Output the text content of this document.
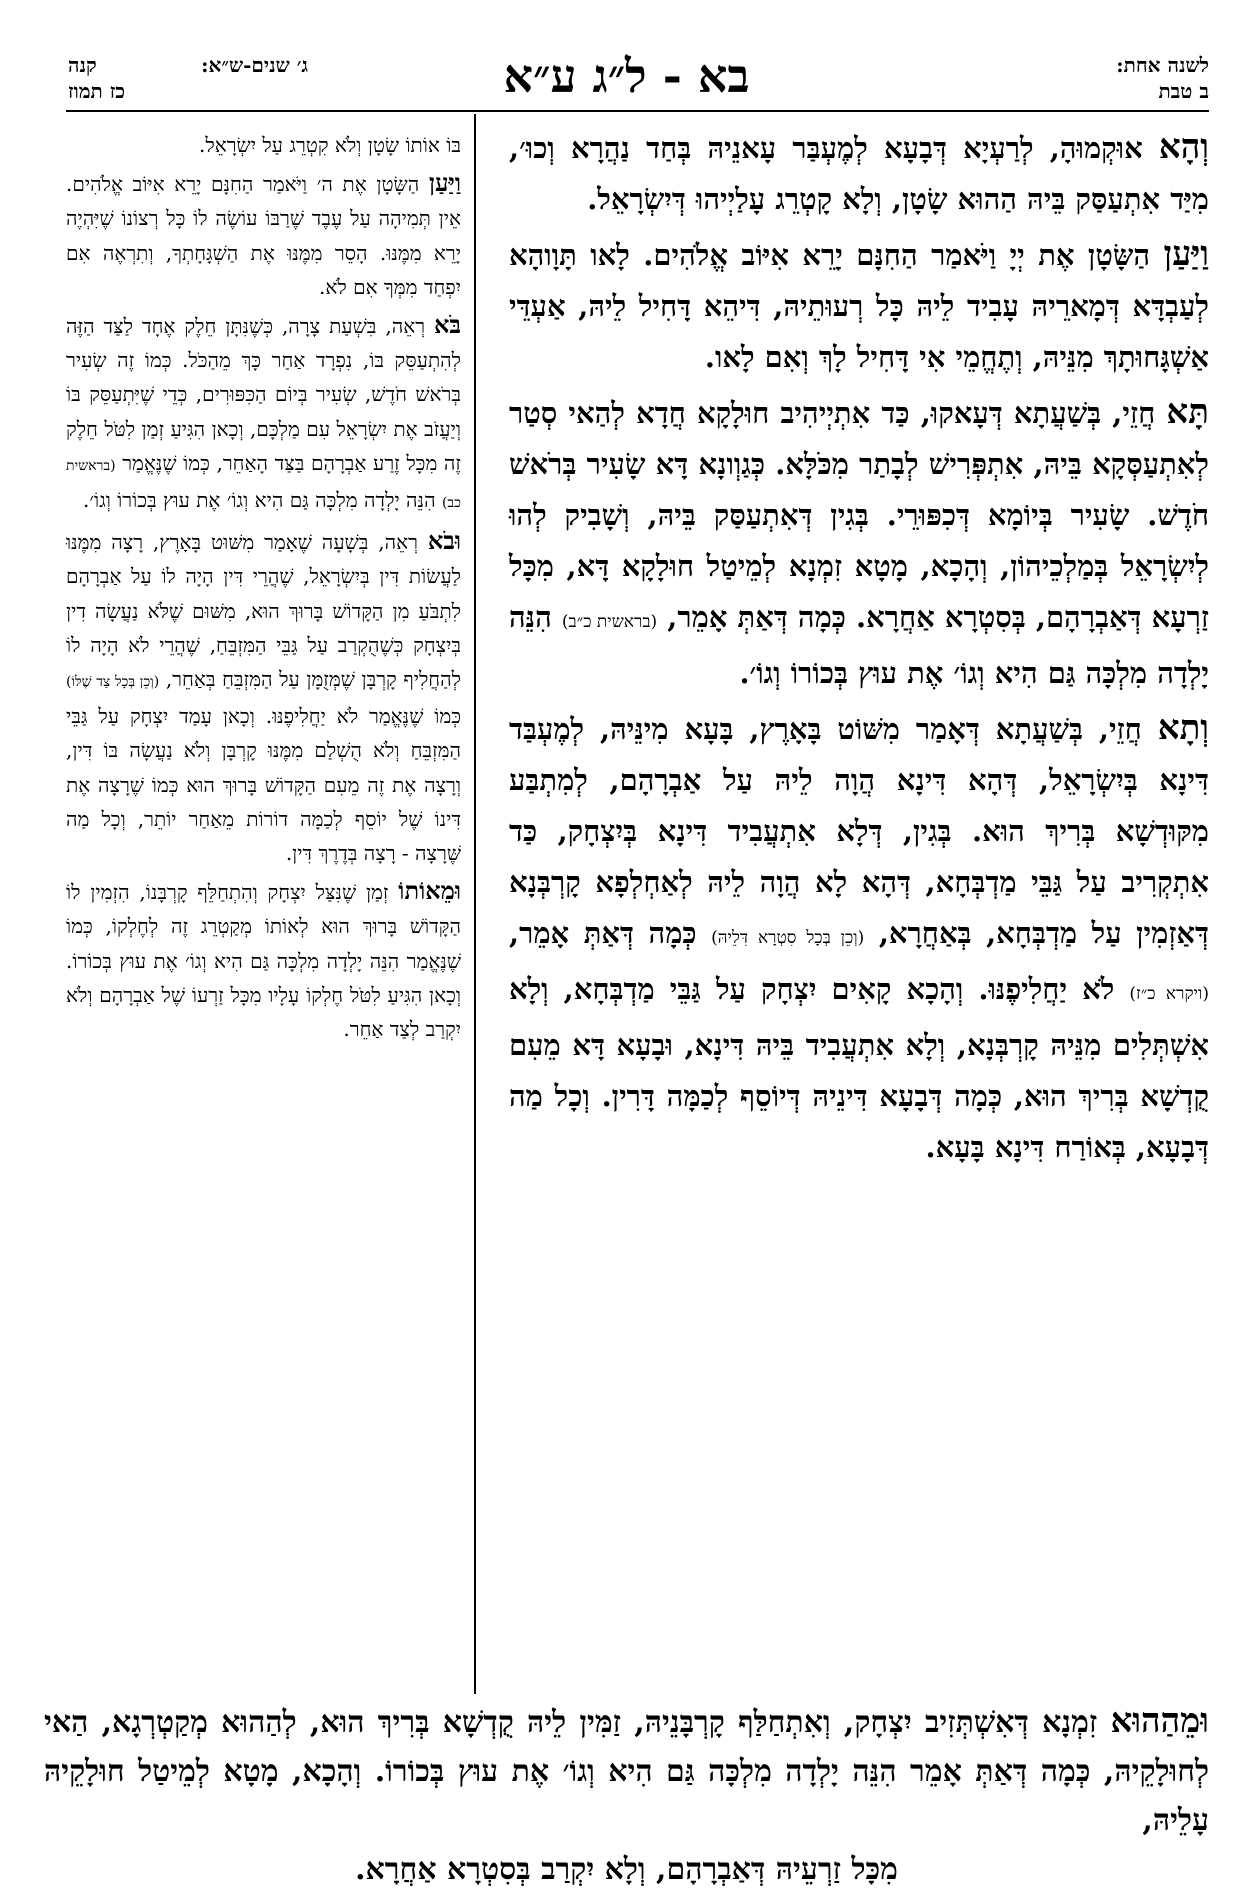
לשנה אחת:
ב טבת
בא - ל״ג ע״א
ג׳ שנים-ש״א:
קנה
כז תמוז

וְהָא אוּקְמוּהָ, לְרַעְיָא דְּבָעָא לְמֶעְבַּר עָאנֵיהּ בְּחַד נַהֲרָא וְכוּ׳, מִיַּד אִתְעַסַּק בֵּיהּ הַהוּא שָׂטָן, וְלָא קָטְרֵג עָלַיְיהוּ דְּיִשְׂרָאֵל.

וַיַּעַן הַשָּׂטָן אֶת יְיָ וַיֹּאמַר הַחִנָּם יָרֵא אִיּוֹב אֱלֹהִים. לָאו תָּוָוהָא לְעַבְדָּא דְּמָארֵיהּ עָבִיד לֵיהּ כָּל רְעוּתֵיהּ, דִּיהֵא דָּחִיל לֵיהּ, אַעְדֵּי אַשְׁגָּחוּתָךְ מִנֵּיהּ, וְתֶחֱמֵי אִי דָּחִיל לָךְ וְאִם לָאו.

תָּא חֲזֵי, בְּשַׁעֲתָא דְּעָאקוּ, כַּד אִתְיְיהִיב חוּלָקָא חֲדָא לְהַאי סְטַר לְאִתְעַסְּקָא בֵּיהּ, אִתְפְּרִישׁ לְבָתַר מִכֹּלָּא. כְּגַוְונָא דָּא שָׂעִיר בְּרֹאשׁ חֹדֶשׁ. שָׂעִיר בְּיוֹמָא דְּכִפּוּרֵי. בְּגִין דְּאִתְעַסַּק בֵּיהּ, וְשָׁבִיק לְהוּ לְיִשְׂרָאֵל בְּמַלְכֵיהוֹן, וְהָכָא, מָטָא זִמְנָא לְמֵיטַל חוּלָקָא דָּא, מִכָּל זַרְעָא דְּאַבְרָהָם, בְּסִטְרָא אַחֲרָא. כְּמָה דְּאַתְּ אָמֵר, (בראשית כ״ב) הִנֵּה יָלְדָה מִלְכָּה גַּם הִיא וְגוֹ׳ אֶת עוּץ בְּכוֹרוֹ וְגוֹ׳.

וְתָא חֲזֵי, בְּשַׁעֲתָא דְּאָמַר מִשּׁוֹט בָּאָרֶץ, בָּעָא מִינֵּיהּ, לְמֶעְבַּד דִּינָא בְּיִשְׂרָאֵל, דְּהָא דִּינָא הֲוָה לֵיהּ עַל אַבְרָהָם, לְמִתְבַּע מִקּוּדְשָׁא בְּרִיךְ הוּא. בְּגִין, דְּלָא אִתְעֲבִיד דִּינָא בְּיִצְחָק, כַּד אִתְקְרִיב עַל גַּבֵּי מַדְבְּחָא, דְּהָא לָא הֲוָה לֵיהּ לְאַחְלְפָא קָרְבְּנָא דְּאַזְמִין עַל מַדְבְּחָא, בְּאַחֲרָא, (וְכֵן בְּכָל סִטְרָא דִּלֵיהּ) כְּמָה דְּאַתְּ אָמֵר, (ויקרא כ״ז) לֹא יַחֲלִיפֶנּוּ. וְהָכָא קָאִים יִצְחָק עַל גַּבֵּי מַדְבְּחָא, וְלָא אִשְׁתְּלִים מִנֵּיהּ קָרְבְּנָא, וְלָא אִתְעֲבִיד בֵּיהּ דִּינָא, וּבָעָא דָּא מֵעִם קֻדְשָׁא בְּרִיךְ הוּא, כְּמָה דְּבָעָא דִּינֵיהּ דְּיוֹסֵף לְכַמָּה דָּרִין. וְכָל מַה דְּבָעָא, בְּאוֹרַח דִּינָא בָּעָא.

בּוֹ אוֹתוֹ שָׂטָן וְלֹא קִטְרֵג עַל יִשְׂרָאֵל.

וַיַּעַן הַשָּׂטָן אֶת ה׳ וַיֹּאמַר הַחִנָּם יָרֵא אִיּוֹב אֱלֹהִים. אֵין תְּמִיהָה עַל עֶבֶד שֶׁרַבּוֹ עוֹשֶׂה לוֹ כָּל רְצוֹנוֹ שֶׁיִּהְיֶה יָרֵא מִמֶּנּוּ. הָסֵר מִמֶּנּוּ אֶת הַשְׁגָּחָתְךָ, וְתִרְאֶה אִם יִפְחַד מִמְּךָ אִם לֹא.

בֹּא רְאֵה, בִּשְׁעַת צָרָה, כְּשֶׁנִּתָּן חֵלֶק אֶחָד לַצַּד הַזֶּה לְהִתְעַסֵּק בּוֹ, נִפְרָד אַחַר כָּךְ מֵהַכֹּל. כְּמוֹ זֶה שְׂעִיר בְּרֹאשׁ חֹדֶשׁ, שְׂעִיר בְּיוֹם הַכִּפּוּרִים, כְּדֵי שֶׁיִּתְעַסֵּק בּוֹ וְיַעֲזֹב אֶת יִשְׂרָאֵל עִם מַלְכָּם, וְכָאן הִגִּיעַ זְמַן לִטֹּל חֵלֶק זֶה מִכָּל זֶרַע אַבְרָהָם בַּצַּד הָאַחֵר, כְּמוֹ שֶׁנֶּאֱמַר (בראשית כב) הִנֵּה יָלְדָה מִלְכָּה גַּם הִיא וְגוֹ׳ אֶת עוּץ בְּכוֹרוֹ וְגוֹ׳.

וּבֹא רְאֵה, בְּשָׁעָה שֶׁאָמַר מִשּׁוּט בָּאָרֶץ, רָצָה מִמֶּנּוּ לַעֲשׂוֹת דִּין בְּיִשְׂרָאֵל, שֶׁהֲרֵי דִּין הָיָה לוֹ עַל אַבְרָהָם לִתְבֹּעַ מִן הַקָּדוֹשׁ בָּרוּךְ הוּא, מִשּׁוּם שֶׁלֹּא נַעֲשָׂה דִין בְּיִצְחָק כְּשֶׁהֻקְרַב עַל גַּבֵּי הַמִּזְבֵּחַ, שֶׁהֲרֵי לֹא הָיָה לוֹ לְהַחֲלִיף קָרְבָּן שֶׁמְּזֻמָּן עַל הַמִּזְבֵּחַ בְּאַחֵר, (וְכֵן בְּכָל צַד שֶׁלּוֹ) כְּמוֹ שֶׁנֶּאֱמַר לֹא יַחֲלִיפֶנּוּ. וְכָאן עָמַד יִצְחָק עַל גַּבֵּי הַמִּזְבֵּחַ וְלֹא הֻשְׁלַם מִמֶּנּוּ קָרְבָּן וְלֹא נַעֲשָׂה בּוֹ דִּין, וְרָצָה אֶת זֶה מֵעִם הַקָּדוֹשׁ בָּרוּךְ הוּא כְּמוֹ שֶׁרָצָה אֶת דִּינוֹ שֶׁל יוֹסֵף לְכַמָּה דוֹרוֹת מֵאַחַר יוֹתֵר, וְכָל מַה שֶּׁרָצָה - רָצָה בְּדֶרֶךְ דִּין.

וּמֵאוֹתוֹ זְמַן שֶׁנִּצַּל יִצְחָק וְהִתְחַלֵּף קָרְבָּנוֹ, הִזְמִין לוֹ הַקָּדוֹשׁ בָּרוּךְ הוּא לְאוֹתוֹ מְקַטְרֵג זֶה לְחֶלְקוֹ, כְּמוֹ שֶׁנֶּאֱמַר הִנֵּה יָלְדָה מִלְכָּה גַּם הִיא וְגוֹ׳ אֶת עוּץ בְּכוֹרוֹ. וְכָאן הִגִּיעַ לִטֹּל חֶלְקוֹ עָלָיו מִכָּל זַרְעוֹ שֶׁל אַבְרָהָם וְלֹא יִקְרַב לְצַד אַחֵר.

וּמֵהַהוּא זִמְנָא דְּאִשְׁתְּזִיב יִצְחָק, וְאִתְחַלַּף קָרְבָּנֵיהּ, זַמִּין לֵיהּ קֻדְשָׁא בְּרִיךְ הוּא, לְהַהוּא מְקַטְרְגָא, הַאי לְחוּלָקֵיהּ, כְּמָה דְּאַתְּ אָמֵר הִנֵּה יָלְדָה מִלְכָּה גַּם הִיא וְגוֹ׳ אֶת עוּץ בְּכוֹרוֹ. וְהָכָא, מָטָא לְמֵיטַל חוּלָקֵיהּ עָלֵיהּ,
מִכָּל זַרְעֵיהּ דְּאַבְרָהָם, וְלָא יִקְרַב בְּסִטְרָא אַחֲרָא.
